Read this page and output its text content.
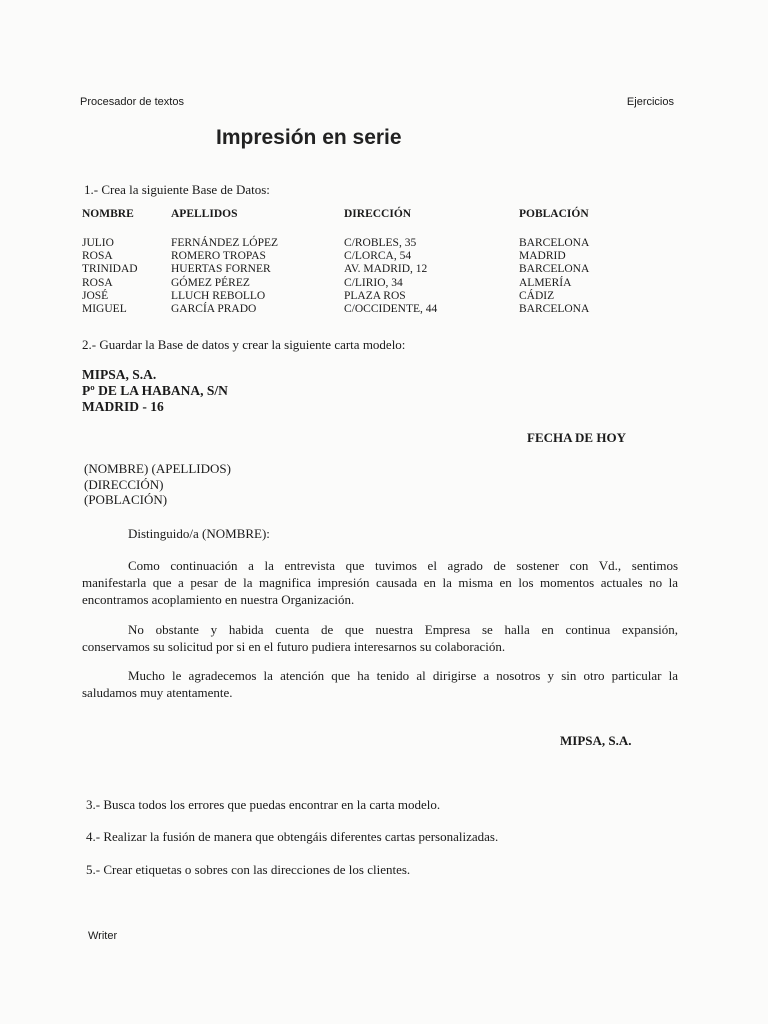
Procesador de textos	Ejercicios
Impresión en serie
1.- Crea la siguiente Base de Datos:
NOMBRE	APELLIDOS	DIRECCIÓN	POBLACIÓN
JULIO	FERNÁNDEZ LÓPEZ	C/ROBLES, 35	BARCELONA
ROSA	ROMERO TROPAS	C/LORCA, 54	MADRID
TRINIDAD	HUERTAS FORNER	AV. MADRID, 12	BARCELONA
ROSA	GÓMEZ PÉREZ	C/LIRIO, 34	ALMERÍA
JOSÉ	LLUCH REBOLLO	PLAZA ROS	CÁDIZ
MIGUEL	GARCÍA PRADO	C/OCCIDENTE, 44	BARCELONA
2.- Guardar la Base de datos y crear la siguiente carta modelo:
MIPSA, S.A.
Pº DE LA HABANA, S/N
MADRID - 16
FECHA DE HOY
(NOMBRE) (APELLIDOS)
(DIRECCIÓN)
(POBLACIÓN)
Distinguido/a (NOMBRE):
Como continuación a la entrevista que tuvimos el agrado de sostener con Vd., sentimos
manifestarla que a pesar de la magnifica impresión causada en la misma en los momentos actuales no la encontramos acoplamiento en nuestra Organización.
No obstante y habida cuenta de que nuestra Empresa se halla en continua expansión,
conservamos su solicitud por si en el futuro pudiera interesarnos su colaboración.
Mucho le agradecemos la atención que ha tenido al dirigirse a nosotros y sin otro particular la
saludamos muy atentamente.
MIPSA, S.A.
3.- Busca todos los errores que puedas encontrar en la carta modelo.
4.- Realizar la fusión de manera que obtengáis diferentes cartas personalizadas.
5.- Crear etiquetas o sobres con las direcciones de los clientes.
Writer
